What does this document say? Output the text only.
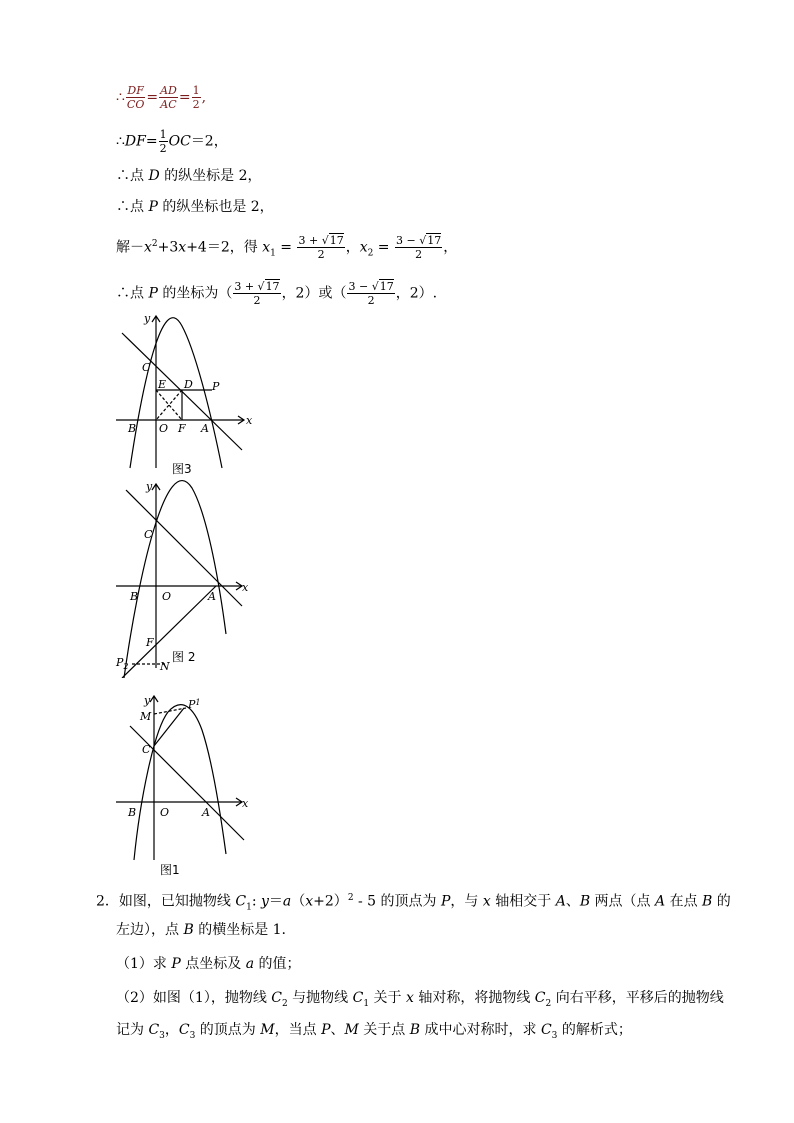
∴ $\frac{DF}{CO} = \frac{AD}{AC} = \frac{1}{2}$ ,
∴DF= $\frac{1}{2} OC=2$，
∴点 D 的纵坐标是 2，
∴点 P 的纵坐标也是 2，
解$-x^2+3x+4=2$，得 $x_1 = \frac{3 + √17}{2}$ ，$x_2 = \frac{3 - √17}{2}$ ，
∴点 P 的坐标为（ $\frac{3 + √17}{2}$ ，2）或（ $\frac{3 - √17}{2}$ ，2）.
y
x
C
E D P
B O F A
图3
y
x
C
B O	A
F
$P_2$	N
图 2
y
x
M
$P^1$
C
B O	A
图1
2．如图，已知抛物线 $C_1$: $y=a(x+2)^2 - 5$ 的顶点为 P，与 x 轴相交于 A、B 两点（点 A 在点 B 的
左边），点 B 的横坐标是 1.
（1）求 P 点坐标及 a 的值；
（2）如图（1），抛物线 $C_2$ 与抛物线 $C_1$ 关于 x 轴对称，将抛物线 $C_2$ 向右平移，平移后的抛物线
记为 $C_3$，$C_3$ 的顶点为 M，当点 P、M 关于点 B 成中心对称时，求 $C_3$ 的解析式；
